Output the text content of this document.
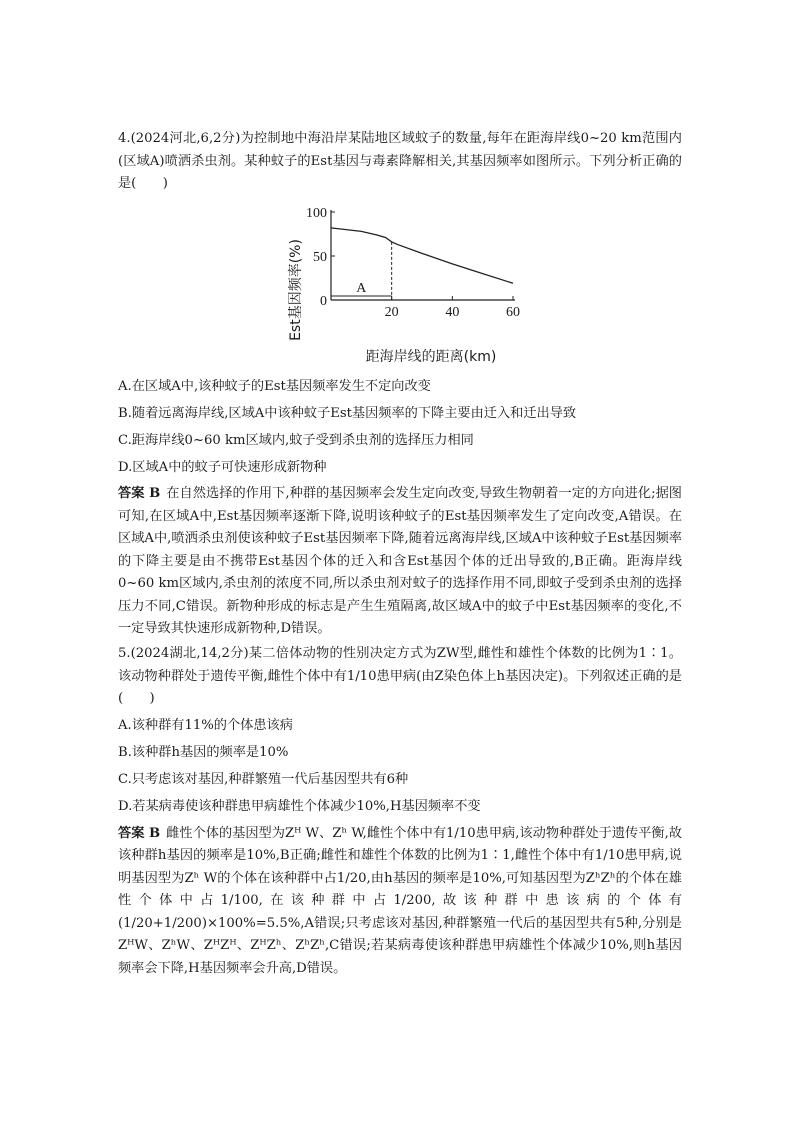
4.(2024河北,6,2分)为控制地中海沿岸某陆地区域蚊子的数量,每年在距海岸线0~20 km范围内(区域A)喷洒杀虫剂。某种蚊子的Est基因与毒素降解相关,其基因频率如图所示。下列分析正确的是(　　)

Est基因频率(%) 0
50
100
20	40	60
A
距海岸线的距离(km)

A.在区域A中,该种蚊子的Est基因频率发生不定向改变

B.随着远离海岸线,区域A中该种蚊子Est基因频率的下降主要由迁入和迁出导致

C.距海岸线0~60 km区域内,蚊子受到杀虫剂的选择压力相同

D.区域A中的蚊子可快速形成新物种

答案 B 在自然选择的作用下,种群的基因频率会发生定向改变,导致生物朝着一定的方向进化;据图可知,在区域A中,Est基因频率逐渐下降,说明该种蚊子的Est基因频率发生了定向改变,A错误。在区域A中,喷洒杀虫剂使该种蚊子Est基因频率下降,随着远离海岸线,区域A中该种蚊子Est基因频率的下降主要是由不携带Est基因个体的迁入和含Est基因个体的迁出导致的,B正确。距海岸线0~60 km区域内,杀虫剂的浓度不同,所以杀虫剂对蚊子的选择作用不同,即蚊子受到杀虫剂的选择压力不同,C错误。新物种形成的标志是产生生殖隔离,故区域A中的蚊子中Est基因频率的变化,不一定导致其快速形成新物种,D错误。

5.(2024湖北,14,2分)某二倍体动物的性别决定方式为ZW型,雌性和雄性个体数的比例为1∶1。该动物种群处于遗传平衡,雌性个体中有1/10患甲病(由Z染色体上h基因决定)。下列叙述正确的是(　　)

A.该种群有11%的个体患该病

B.该种群h基因的频率是10%

C.只考虑该对基因,种群繁殖一代后基因型共有6种

D.若某病毒使该种群患甲病雄性个体减少10%,H基因频率不变

答案 B 雌性个体的基因型为Zᴴ W、Zʰ W,雌性个体中有1/10患甲病,该动物种群处于遗传平衡,故该种群h基因的频率是10%,B正确;雌性和雄性个体数的比例为1∶1,雌性个体中有1/10患甲病,说明基因型为Zʰ W的个体在该种群中占1/20,由h基因的频率是10%,可知基因型为ZʰZʰ的个体在雄性个体中占1/100,在该种群中占1/200,故该种群中患该病的个体有(1/20+1/200)×100%=5.5%,A错误;只考虑该对基因,种群繁殖一代后的基因型共有5种,分别是ZᴴW、ZʰW、ZᴴZᴴ、ZᴴZʰ、ZʰZʰ,C错误;若某病毒使该种群患甲病雄性个体减少10%,则h基因频率会下降,H基因频率会升高,D错误。
